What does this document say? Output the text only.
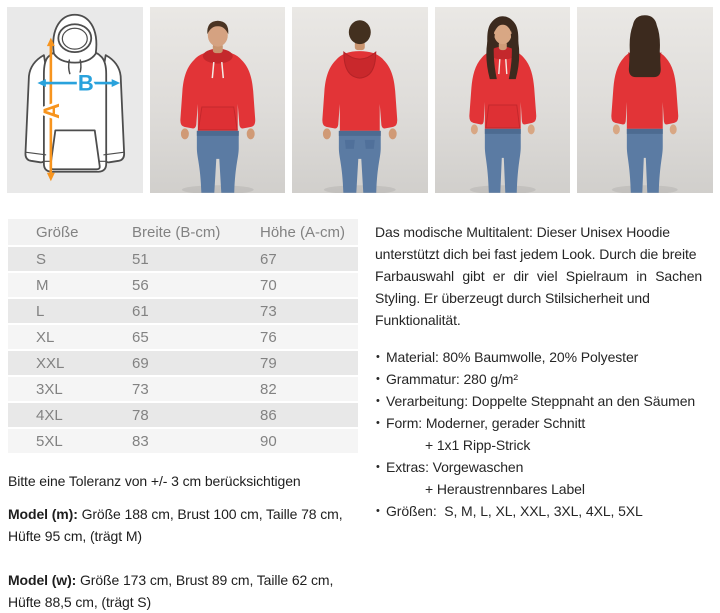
A
B
Größe	Breite (B-cm)	Höhe (A-cm)
S	51	67
M	56	70
L	61	73
XL	65	76
XXL	69	79
3XL	73	82
4XL	78	86
5XL	83	90
Bitte eine Toleranz von +/- 3 cm berücksichtigen
Model (m): Größe 188 cm, Brust 100 cm, Taille 78 cm,
Hüfte 95 cm, (trägt M)
Model (w): Größe 173 cm, Brust 89 cm, Taille 62 cm,
Hüfte 88,5 cm, (trägt S)
Das modische Multitalent: Dieser Unisex Hoodie
unterstützt dich bei fast jedem Look. Durch die breite
Farbauswahl gibt er dir viel Spielraum in Sachen
Styling. Er überzeugt durch Stilsicherheit und
Funktionalität.
• Material: 80% Baumwolle, 20% Polyester
• Grammatur: 280 g/m²
• Verarbeitung: Doppelte Steppnaht an den Säumen
• Form: Moderner, gerader Schnitt
+ 1x1 Ripp-Strick
• Extras: Vorgewaschen
+ Heraustrennbares Label
• Größen:  S, M, L, XL, XXL, 3XL, 4XL, 5XL
